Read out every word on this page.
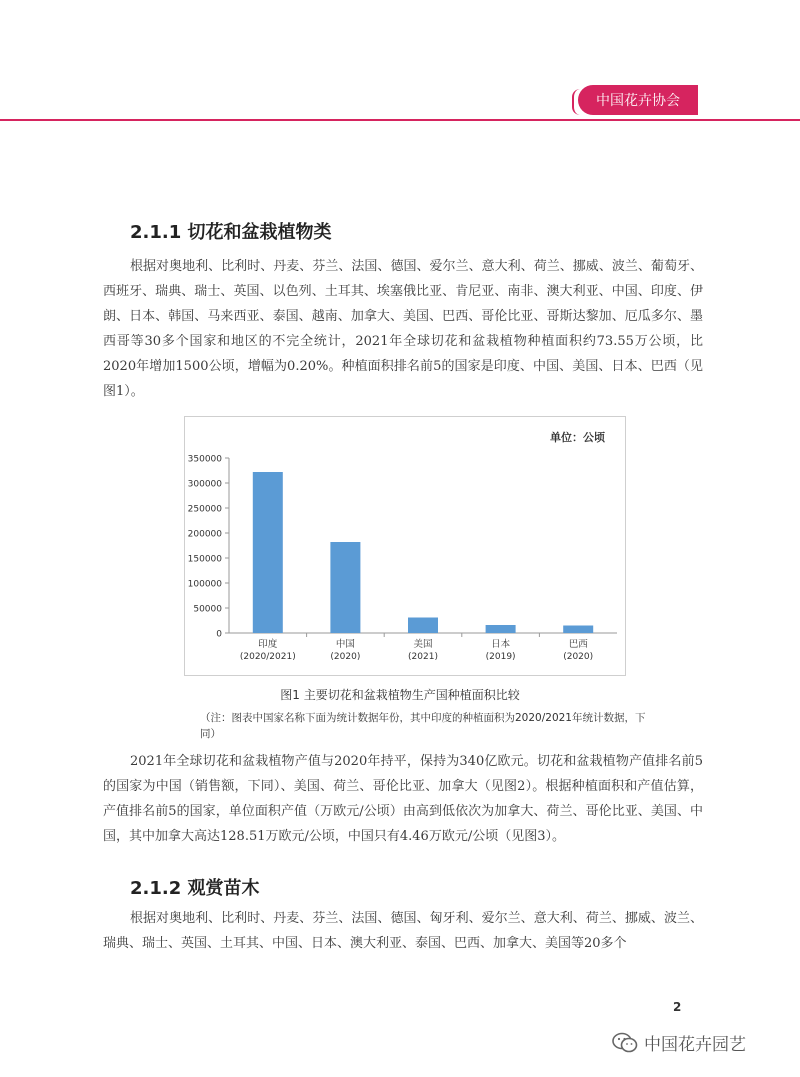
中国花卉协会
2.1.1 切花和盆栽植物类

根据对奥地利、比利时、丹麦、芬兰、法国、德国、爱尔兰、意大利、荷兰、挪威、波兰、葡萄牙、西班牙、瑞典、瑞士、英国、以色列、土耳其、埃塞俄比亚、肯尼亚、南非、澳大利亚、中国、印度、伊朗、日本、韩国、马来西亚、泰国、越南、加拿大、美国、巴西、哥伦比亚、哥斯达黎加、厄瓜多尔、墨西哥等30多个国家和地区的不完全统计，2021年全球切花和盆栽植物种植面积约73.55万公顷，比2020年增加1500公顷，增幅为0.20%。种植面积排名前5的国家是印度、中国、美国、日本、巴西（见图1）。

单位：公顷
0
50000
100000
150000
200000
250000
300000
350000
印度
(2020/2021)
中国
(2020)
美国
(2021)
日本
(2019)
巴西
(2020)
图1 主要切花和盆栽植物生产国种植面积比较
（注：图表中国家名称下面为统计数据年份，其中印度的种植面积为2020/2021年统计数据，下同）

2021年全球切花和盆栽植物产值与2020年持平，保持为340亿欧元。切花和盆栽植物产值排名前5的国家为中国（销售额，下同）、美国、荷兰、哥伦比亚、加拿大（见图2）。根据种植面积和产值估算，产值排名前5的国家，单位面积产值（万欧元/公顷）由高到低依次为加拿大、荷兰、哥伦比亚、美国、中国，其中加拿大高达128.51万欧元/公顷，中国只有4.46万欧元/公顷（见图3）。

2.1.2 观赏苗木

根据对奥地利、比利时、丹麦、芬兰、法国、德国、匈牙利、爱尔兰、意大利、荷兰、挪威、波兰、瑞典、瑞士、英国、土耳其、中国、日本、澳大利亚、泰国、巴西、加拿大、美国等20多个

2
中国花卉园艺
